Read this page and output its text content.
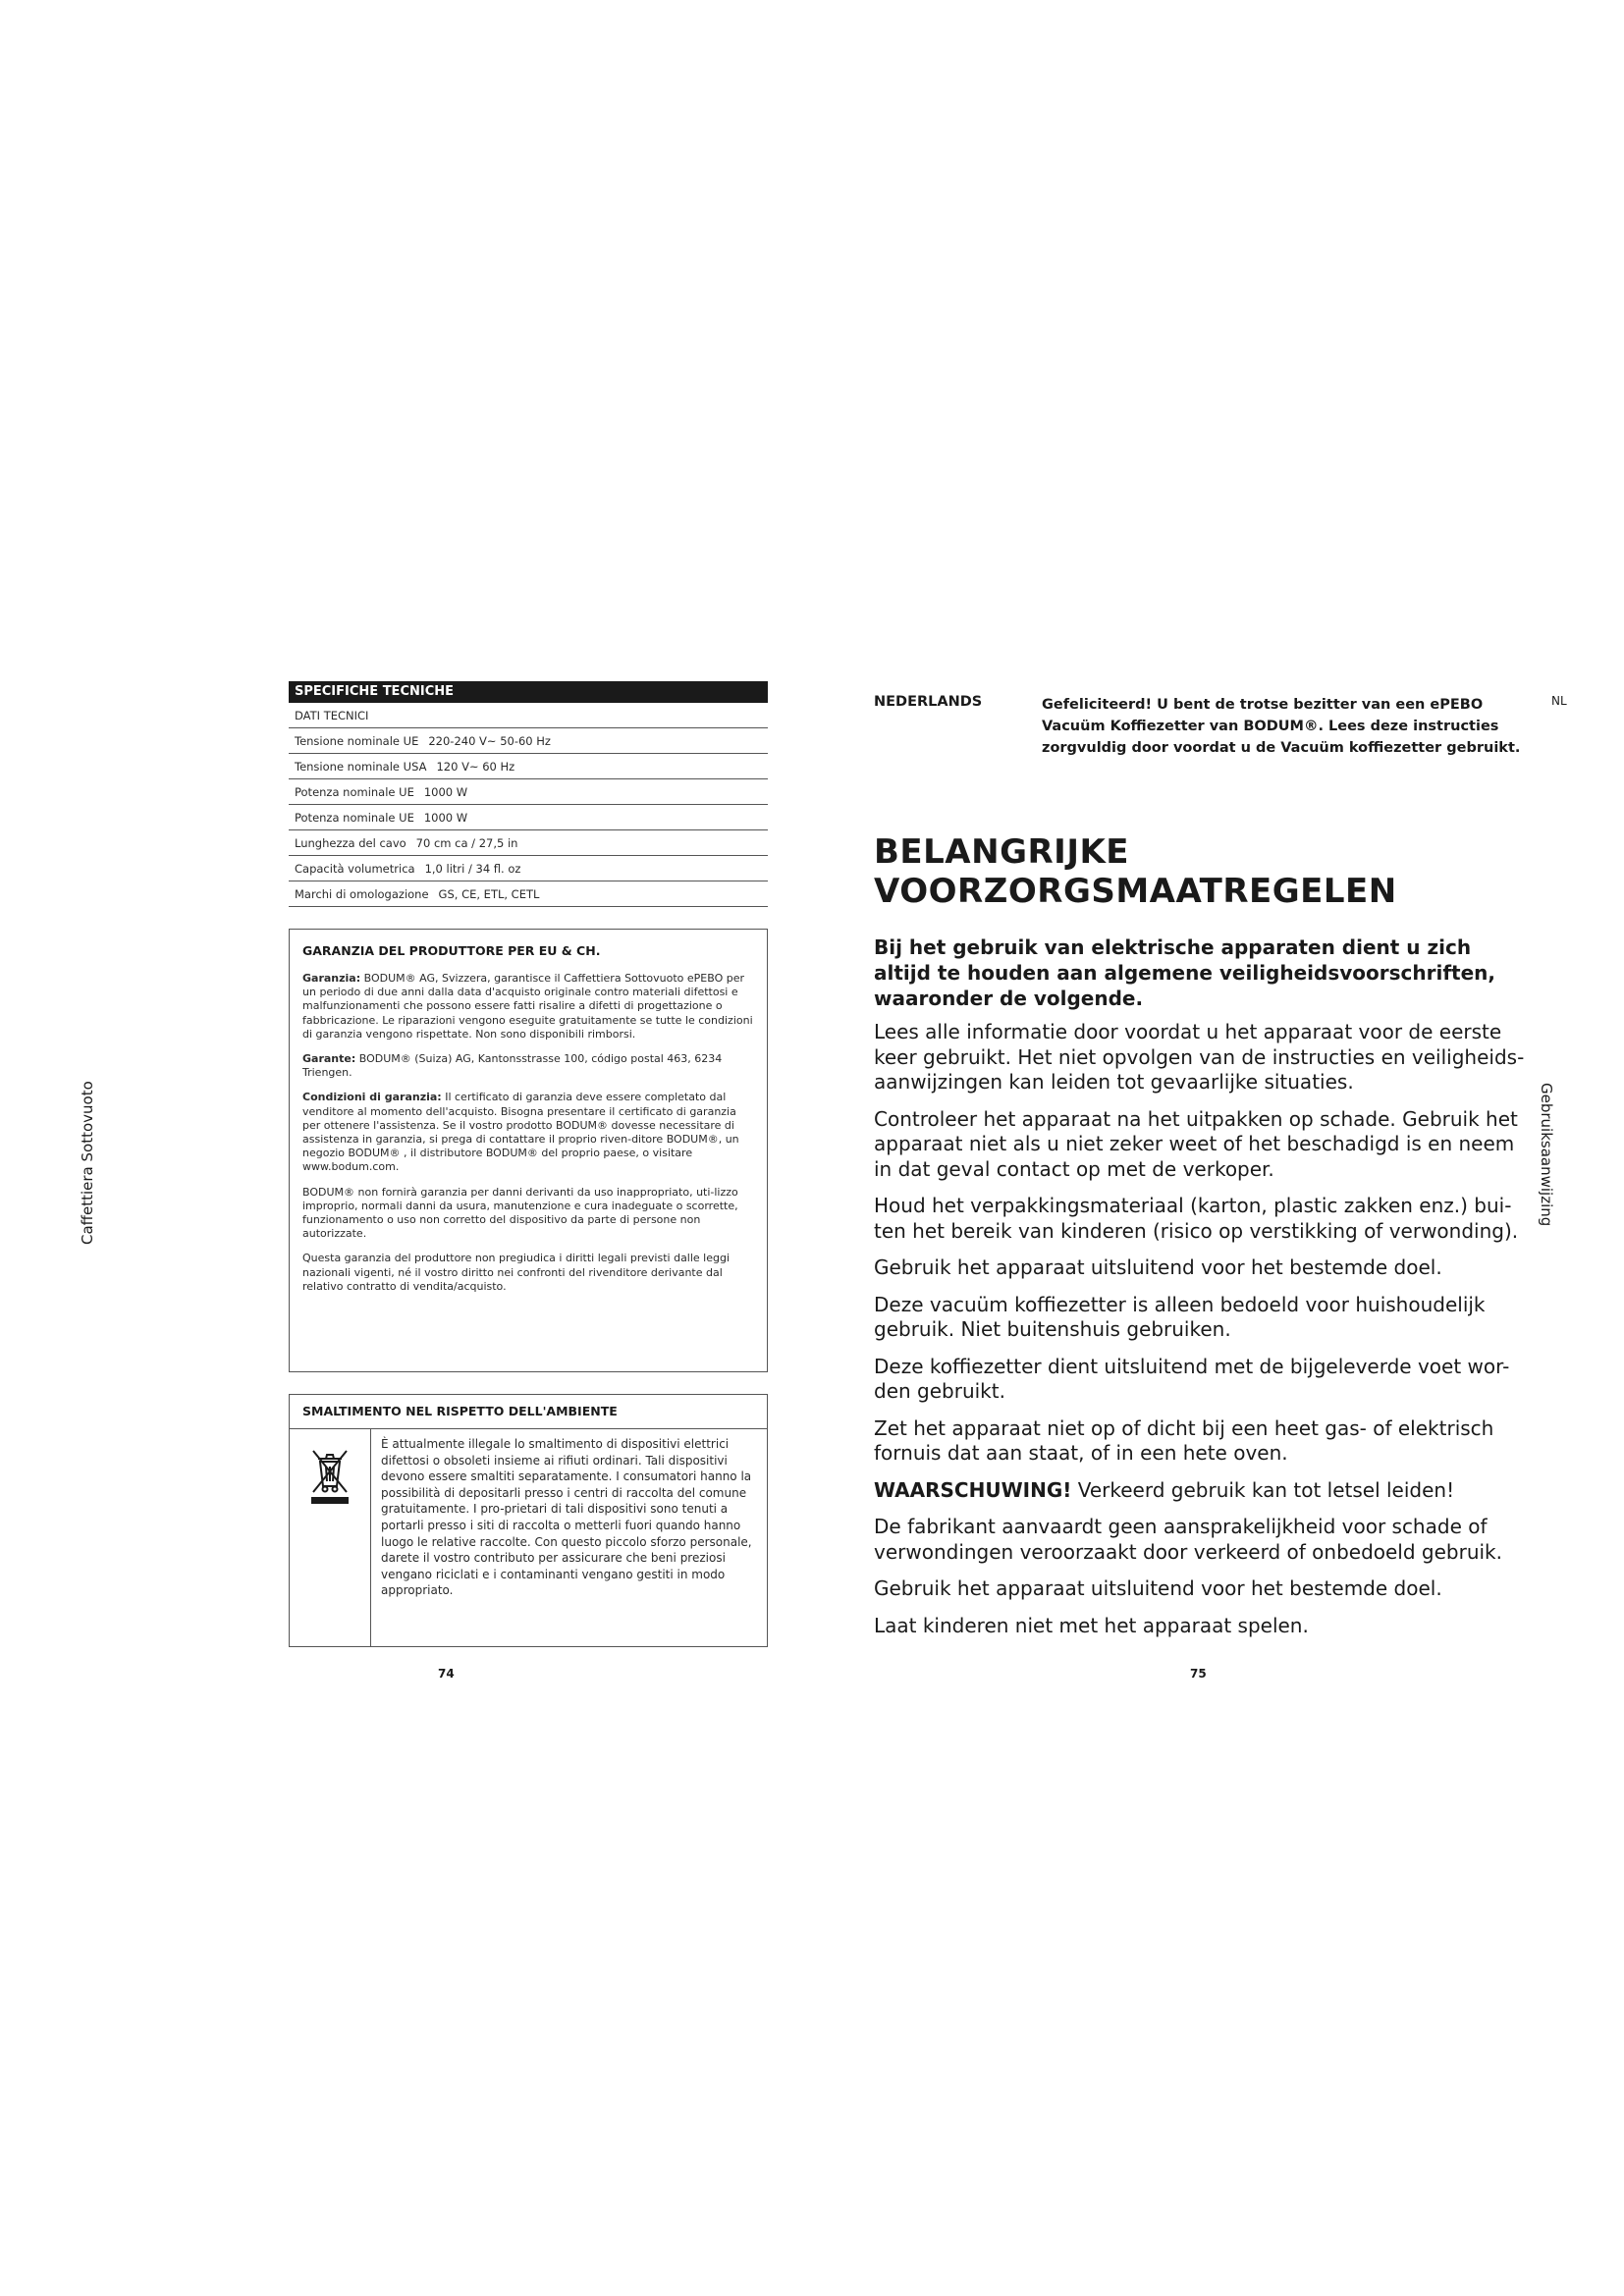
Caffettiera Sottovuoto
SPECIFICHE TECNICHE
DATI TECNICI
Tensione nominale UE 220-240 V~ 50-60 Hz
Tensione nominale USA 120 V~ 60 Hz
Potenza nominale UE 1000 W
Potenza nominale UE 1000 W
Lunghezza del cavo 70 cm ca / 27,5 in
Capacità volumetrica 1,0 litri / 34 fl. oz
Marchi di omologazione GS, CE, ETL, CETL
GARANZIA DEL PRODUTTORE PER EU & CH.

Garanzia: BODUM® AG, Svizzera, garantisce il Caffettiera Sottovuoto ePEBO per un periodo di due anni dalla data d'acquisto originale contro materiali difettosi e malfunzionamenti che possono essere fatti risalire a difetti di progettazione o fabbricazione. Le riparazioni vengono eseguite gratuitamente se tutte le condizioni di garanzia vengono rispettate. Non sono disponibili rimborsi.

Garante: BODUM® (Suiza) AG, Kantonsstrasse 100, código postal 463, 6234 Triengen.

Condizioni di garanzia: Il certificato di garanzia deve essere completato dal venditore al momento dell'acquisto. Bisogna presentare il certificato di garanzia per ottenere l'assistenza. Se il vostro prodotto BODUM® dovesse necessitare di assistenza in garanzia, si prega di contattare il proprio riven-ditore BODUM®, un negozio BODUM® , il distributore BODUM® del proprio paese, o visitare www.bodum.com.

BODUM® non fornirà garanzia per danni derivanti da uso inappropriato, uti-lizzo improprio, normali danni da usura, manutenzione e cura inadeguate o scorrette, funzionamento o uso non corretto del dispositivo da parte di persone non autorizzate.

Questa garanzia del produttore non pregiudica i diritti legali previsti dalle leggi nazionali vigenti, né il vostro diritto nei confronti del rivenditore derivante dal relativo contratto di vendita/acquisto.

SMALTIMENTO NEL RISPETTO DELL'AMBIENTE
È attualmente illegale lo smaltimento di dispositivi elettrici difettosi o obsoleti insieme ai rifiuti ordinari. Tali dispositivi devono essere smaltiti separatamente. I consumatori hanno la possibilità di depositarli presso i centri di raccolta del comune gratuitamente. I pro-prietari di tali dispositivi sono tenuti a portarli presso i siti di raccolta o metterli fuori quando hanno luogo le relative raccolte. Con questo piccolo sforzo personale, darete il vostro contributo per assicurare che beni preziosi vengano riciclati e i contaminanti vengano gestiti in modo appropriato.
74
NEDERLANDS	Gefeliciteerd! U bent de trotse bezitter van een ePEBO Vacuüm Koffiezetter van BODUM®. Lees deze instructies zorgvuldig door voordat u de Vacuüm koffiezetter gebruikt.
NL
Gebruiksaanwijzing
BELANGRIJKE
VOORZORGSMAATREGELEN
Bij het gebruik van elektrische apparaten dient u zich altijd te houden aan algemene veiligheidsvoorschriften, waaronder de volgende.

Lees alle informatie door voordat u het apparaat voor de eerste keer gebruikt. Het niet opvolgen van de instructies en veiligheids-aanwijzingen kan leiden tot gevaarlijke situaties.

Controleer het apparaat na het uitpakken op schade. Gebruik het apparaat niet als u niet zeker weet of het beschadigd is en neem in dat geval contact op met de verkoper.

Houd het verpakkingsmateriaal (karton, plastic zakken enz.) bui-ten het bereik van kinderen (risico op verstikking of verwonding).

Gebruik het apparaat uitsluitend voor het bestemde doel.

Deze vacuüm koffiezetter is alleen bedoeld voor huishoudelijk gebruik. Niet buitenshuis gebruiken.

Deze koffiezetter dient uitsluitend met de bijgeleverde voet wor-den gebruikt.

Zet het apparaat niet op of dicht bij een heet gas- of elektrisch fornuis dat aan staat, of in een hete oven.

WAARSCHUWING! Verkeerd gebruik kan tot letsel leiden!

De fabrikant aanvaardt geen aansprakelijkheid voor schade of verwondingen veroorzaakt door verkeerd of onbedoeld gebruik.

Gebruik het apparaat uitsluitend voor het bestemde doel.

Laat kinderen niet met het apparaat spelen.

75
